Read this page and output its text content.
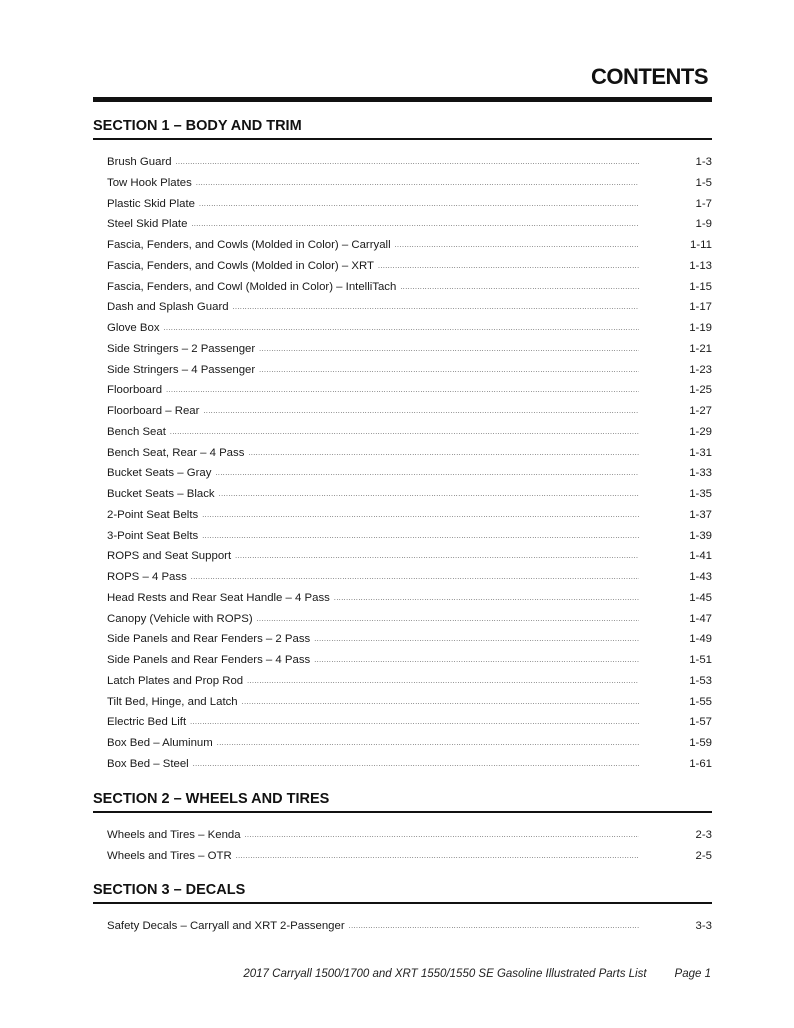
CONTENTS
SECTION 1 – BODY AND TRIM
Brush Guard .....	1-3
Tow Hook Plates .....	1-5
Plastic Skid Plate .....	1-7
Steel Skid Plate .....	1-9
Fascia, Fenders, and Cowls (Molded in Color) – Carryall .....	1-11
Fascia, Fenders, and Cowls (Molded in Color) – XRT .....	1-13
Fascia, Fenders, and Cowl (Molded in Color) – IntelliTach .....	1-15
Dash and Splash Guard .....	1-17
Glove Box .....	1-19
Side Stringers – 2 Passenger .....	1-21
Side Stringers – 4 Passenger .....	1-23
Floorboard .....	1-25
Floorboard – Rear .....	1-27
Bench Seat .....	1-29
Bench Seat, Rear – 4 Pass .....	1-31
Bucket Seats – Gray .....	1-33
Bucket Seats – Black .....	1-35
2-Point Seat Belts .....	1-37
3-Point Seat Belts .....	1-39
ROPS and Seat Support .....	1-41
ROPS – 4 Pass .....	1-43
Head Rests and Rear Seat Handle – 4 Pass .....	1-45
Canopy (Vehicle with ROPS) .....	1-47
Side Panels and Rear Fenders – 2 Pass .....	1-49
Side Panels and Rear Fenders – 4 Pass .....	1-51
Latch Plates and Prop Rod .....	1-53
Tilt Bed, Hinge, and Latch .....	1-55
Electric Bed Lift .....	1-57
Box Bed – Aluminum .....	1-59
Box Bed – Steel .....	1-61
SECTION 2 – WHEELS AND TIRES
Wheels and Tires – Kenda .....	2-3
Wheels and Tires – OTR .....	2-5
SECTION 3 – DECALS
Safety Decals – Carryall and XRT 2-Passenger .....	3-3
2017 Carryall 1500/1700 and XRT 1550/1550 SE Gasoline Illustrated Parts List Page 1
